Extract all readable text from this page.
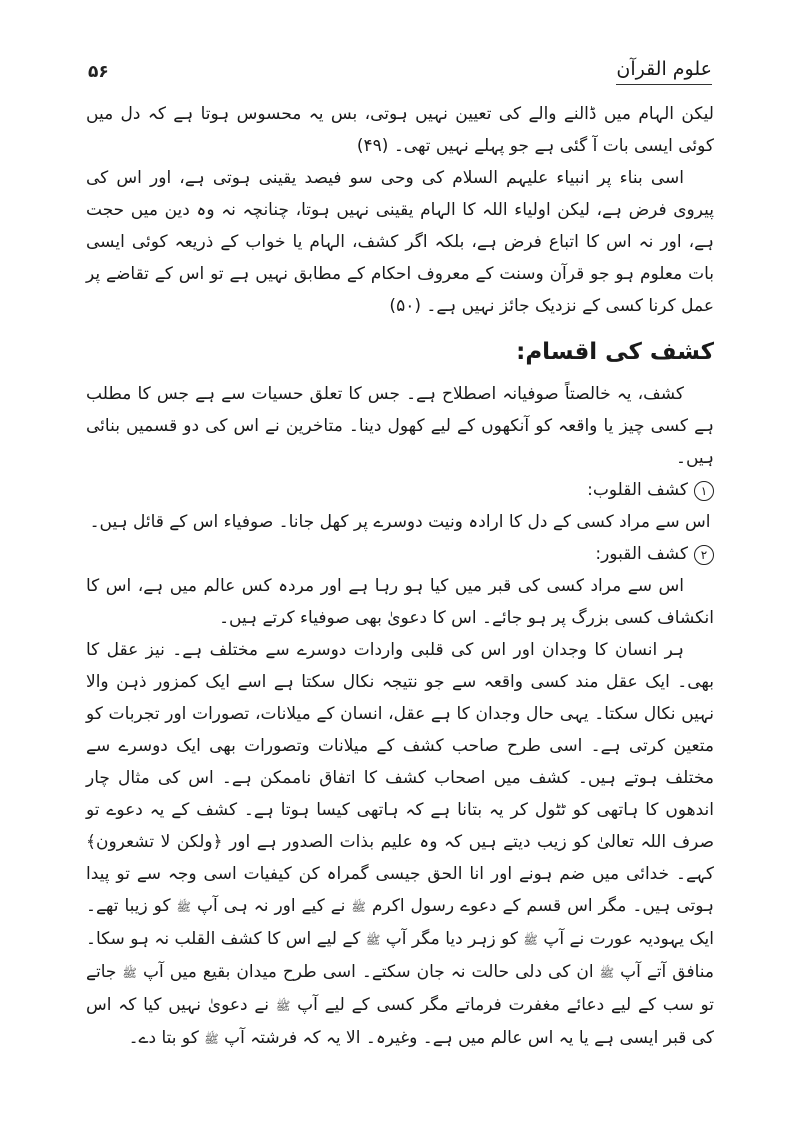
۵۶	علوم القرآن

لیکن الہام میں ڈالنے والے کی تعیین نہیں ہوتی، بس یہ محسوس ہوتا ہے کہ دل میں کوئی ایسی بات آ گئی ہے جو پہلے نہیں تھی۔ (۴۹)

اسی بناء پر انبیاء علیہم السلام کی وحی سو فیصد یقینی ہوتی ہے، اور اس کی پیروی فرض ہے، لیکن اولیاء اللہ کا الہام یقینی نہیں ہوتا، چنانچہ نہ وہ دین میں حجت ہے، اور نہ اس کا اتباع فرض ہے، بلکہ اگر کشف، الہام یا خواب کے ذریعہ کوئی ایسی بات معلوم ہو جو قرآن وسنت کے معروف احکام کے مطابق نہیں ہے تو اس کے تقاضے پر عمل کرنا کسی کے نزدیک جائز نہیں ہے۔ (۵۰)

کشف کی اقسام:

کشف، یہ خالصتاً صوفیانہ اصطلاح ہے۔ جس کا تعلق حسیات سے ہے جس کا مطلب ہے کسی چیز یا واقعہ کو آنکھوں کے لیے کھول دینا۔ متاخرین نے اس کی دو قسمیں بنائی ہیں۔

۱کشف القلوب:

اس سے مراد کسی کے دل کا ارادہ ونیت دوسرے پر کھل جانا۔ صوفیاء اس کے قائل ہیں۔

۲کشف القبور:

اس سے مراد کسی کی قبر میں کیا ہو رہا ہے اور مردہ کس عالم میں ہے، اس کا انکشاف کسی بزرگ پر ہو جائے۔ اس کا دعویٰ بھی صوفیاء کرتے ہیں۔

ہر انسان کا وجدان اور اس کی قلبی واردات دوسرے سے مختلف ہے۔ نیز عقل کا بھی۔ ایک عقل مند کسی واقعہ سے جو نتیجہ نکال سکتا ہے اسے ایک کمزور ذہن والا نہیں نکال سکتا۔ یہی حال وجدان کا ہے عقل، انسان کے میلانات، تصورات اور تجربات کو متعین کرتی ہے۔ اسی طرح صاحب کشف کے میلانات وتصورات بھی ایک دوسرے سے مختلف ہوتے ہیں۔ کشف میں اصحاب کشف کا اتفاق ناممکن ہے۔ اس کی مثال چار اندھوں کا ہاتھی کو ٹٹول کر یہ بتانا ہے کہ ہاتھی کیسا ہوتا ہے۔ کشف کے یہ دعوے تو صرف اللہ تعالیٰ کو زیب دیتے ہیں کہ وہ علیم بذات الصدور ہے اور ﴿ولکن لا تشعرون﴾ کہے۔ خدائی میں ضم ہونے اور انا الحق جیسی گمراہ کن کیفیات اسی وجہ سے تو پیدا ہوتی ہیں۔ مگر اس قسم کے دعوے رسول اکرم ﷺ نے کیے اور نہ ہی آپ ﷺ کو زیبا تھے۔ ایک یہودیہ عورت نے آپ ﷺ کو زہر دیا مگر آپ ﷺ کے لیے اس کا کشف القلب نہ ہو سکا۔ منافق آتے آپ ﷺ ان کی دلی حالت نہ جان سکتے۔ اسی طرح میدان بقیع میں آپ ﷺ جاتے تو سب کے لیے دعائے مغفرت فرماتے مگر کسی کے لیے آپ ﷺ نے دعویٰ نہیں کیا کہ اس کی قبر ایسی ہے یا یہ اس عالم میں ہے۔ وغیرہ۔ الا یہ کہ فرشتہ آپ ﷺ کو بتا دے۔
